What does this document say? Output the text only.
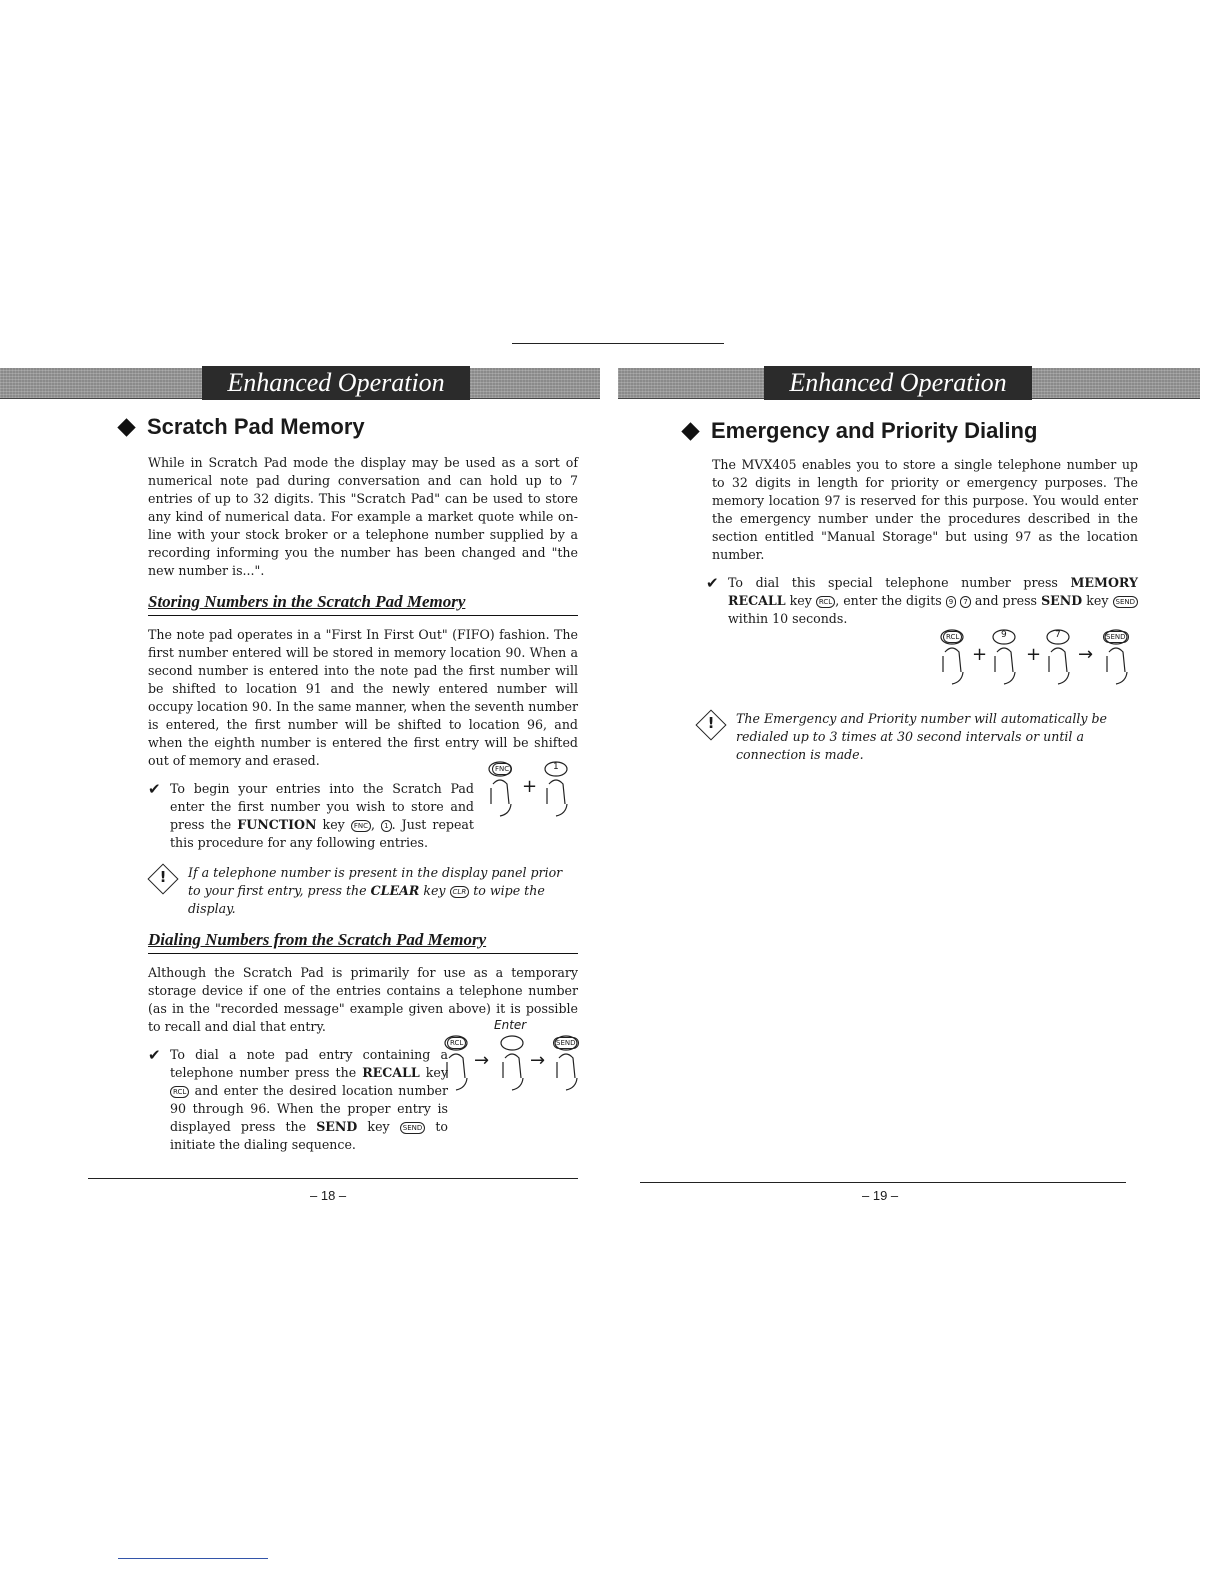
Enhanced Operation	Enhanced Operation
Scratch Pad Memory

While in Scratch Pad mode the display may be used as a sort of numerical note pad during conversation and can hold up to 7 entries of up to 32 digits. This "Scratch Pad" can be used to store any kind of numerical data. For example a market quote while on-line with your stock broker or a telephone number supplied by a recording informing you the number has been changed and "the new number is...".

Storing Numbers in the Scratch Pad Memory

The note pad operates in a "First In First Out" (FIFO) fashion. The first number entered will be stored in memory location 90. When a second number is entered into the note pad the first number will be shifted to location 91 and the newly entered number will occupy location 90. In the same manner, when the seventh number is entered, the first number will be shifted to location 96, and when the eighth number is entered the first entry will be shifted out of memory and erased.

✔ To begin your entries into the Scratch Pad enter the first number you wish to store and press the FUNCTION key FNC , 1 . Just repeat this procedure for any following entries.
!	If a telephone number is present in the display panel prior to your first entry, press the CLEAR key CLR to wipe the display.

Dialing Numbers from the Scratch Pad Memory

Although the Scratch Pad is primarily for use as a temporary storage device if one of the entries contains a telephone number (as in the "recorded message" example given above) it is possible to recall and dial that entry.

✔ To dial a note pad entry containing a telephone number press the RECALL key RCL and enter the desired location number 90 through 96. When the proper entry is displayed press the SEND key SEND to initiate the dialing sequence.
FNC
+
1
Enter
RCL
→ →
SEND
– 18 –
Emergency and Priority Dialing

The MVX405 enables you to store a single telephone number up to 32 digits in length for priority or emergency purposes. The memory location 97 is reserved for this purpose. You would enter the emergency number under the procedures described in the section entitled "Manual Storage" but using 97 as the location number.

✔ To dial this special telephone number press MEMORY RECALL key RCL , enter the digits 9 7 and press SEND key SEND within 10 seconds.
!	The Emergency and Priority number will automatically be redialed up to 3 times at 30 second intervals or until a connection is made.
RCL
+
9
+
7
→
SEND
– 19 –
